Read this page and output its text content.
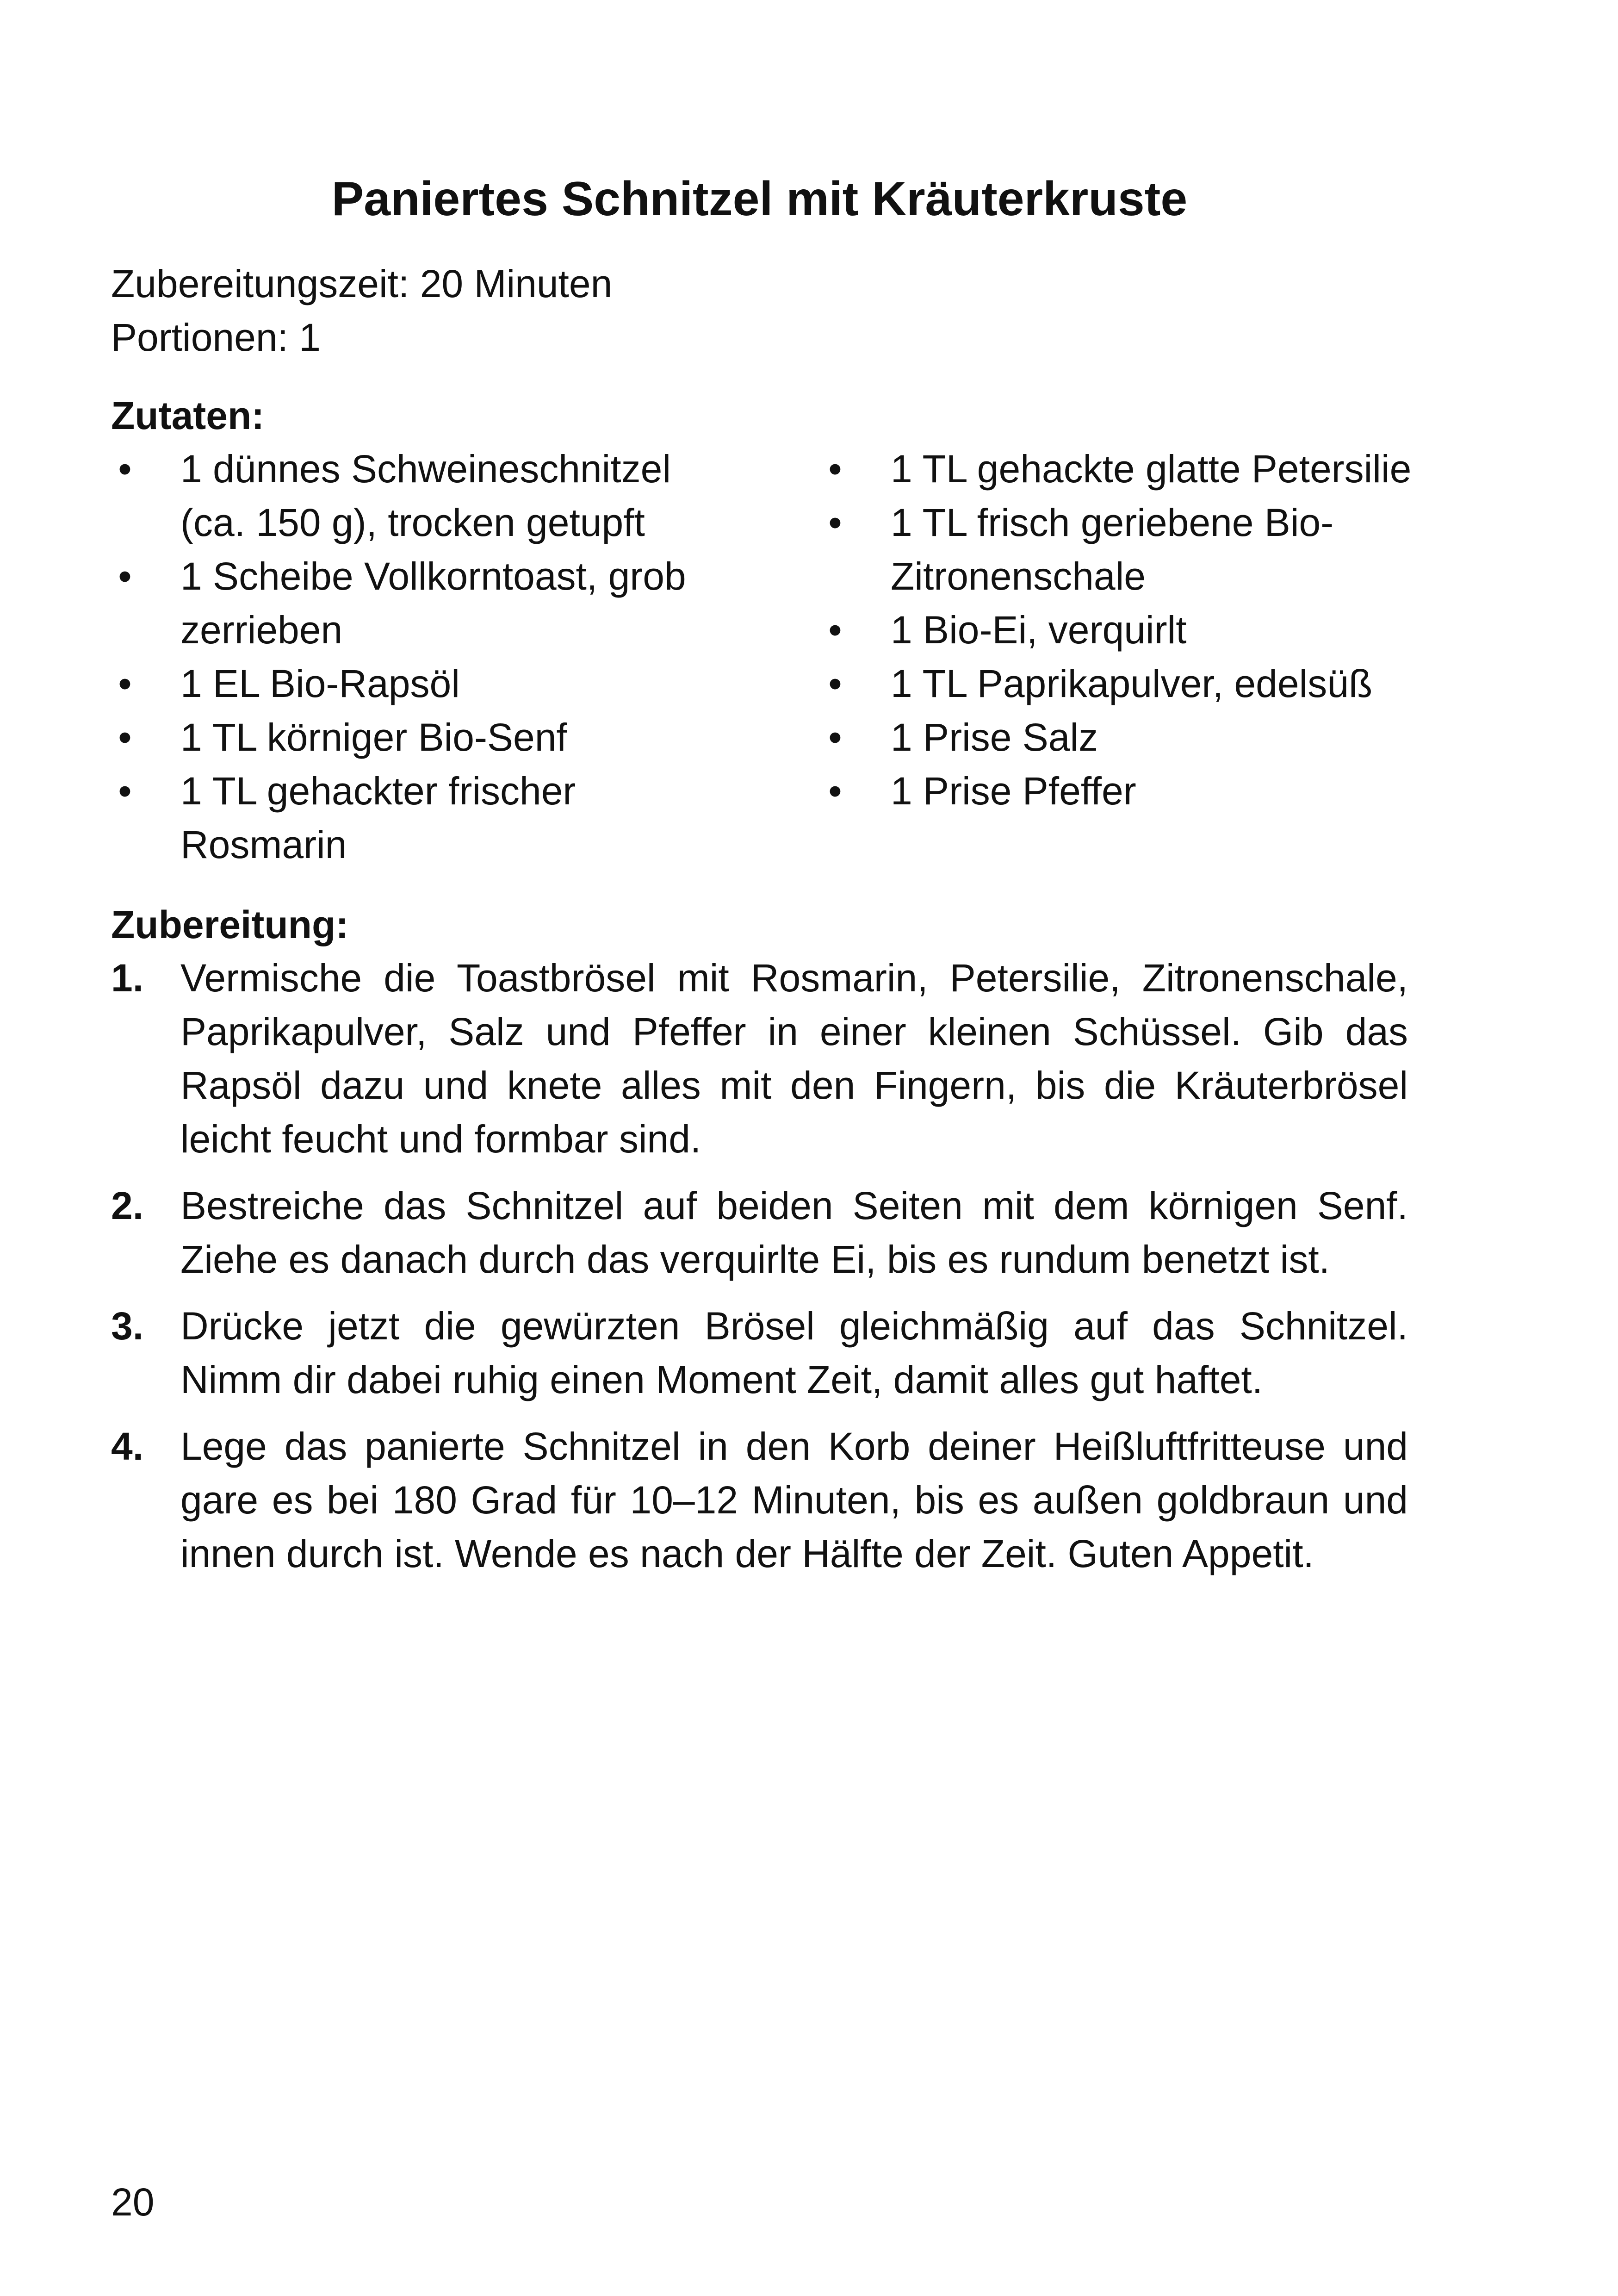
Paniertes Schnitzel mit Kräuterkruste
Zubereitungszeit: 20 Minuten
Portionen: 1
Zutaten:
• 1 dünnes Schweineschnitzel (ca. 150 g), trocken getupft
• 1 Scheibe Vollkorntoast, grob zerrieben
• 1 EL Bio-Rapsöl
• 1 TL körniger Bio-Senf
• 1 TL gehackter frischer Rosmarin
• 1 TL gehackte glatte Petersilie
• 1 TL frisch geriebene Bio-Zitronenschale
• 1 Bio-Ei, verquirlt
• 1 TL Paprikapulver, edelsüß
• 1 Prise Salz
• 1 Prise Pfeffer
Zubereitung:
1. Vermische die Toastbrösel mit Rosmarin, Petersilie, Zitronenschale, Paprikapulver, Salz und Pfeffer in einer kleinen Schüssel. Gib das Rapsöl dazu und knete alles mit den Fingern, bis die Kräuterbrösel leicht feucht und formbar sind.
2. Bestreiche das Schnitzel auf beiden Seiten mit dem körnigen Senf. Ziehe es danach durch das verquirlte Ei, bis es rundum benetzt ist.
3. Drücke jetzt die gewürzten Brösel gleichmäßig auf das Schnitzel. Nimm dir dabei ruhig einen Moment Zeit, damit alles gut haftet.
4. Lege das panierte Schnitzel in den Korb deiner Heißluftfritteuse und gare es bei 180 Grad für 10–12 Minuten, bis es außen goldbraun und innen durch ist. Wende es nach der Hälfte der Zeit. Guten Appetit.
20
